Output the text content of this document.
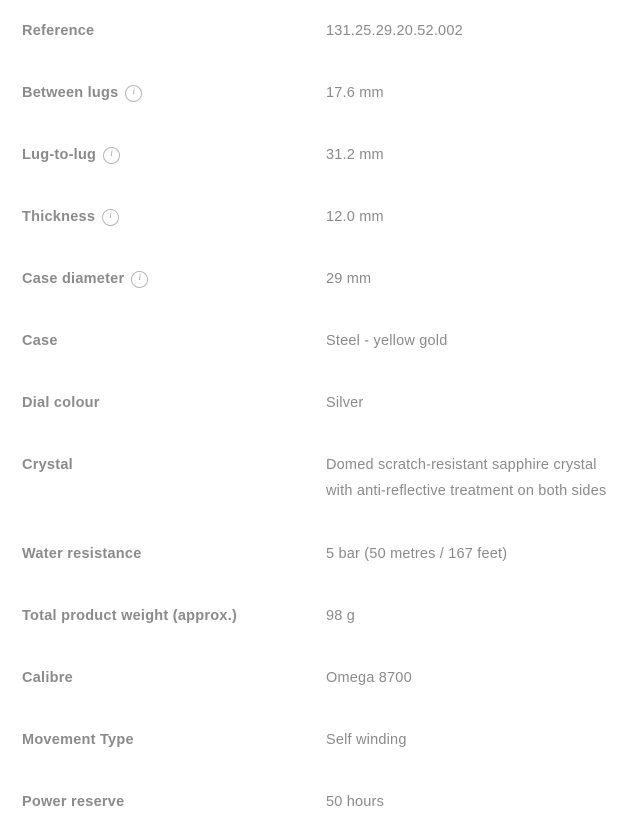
Reference	131.25.29.20.52.002
Between lugs i	17.6 mm
Lug-to-lug i	31.2 mm
Thickness i	12.0 mm
Case diameter i	29 mm
Case	Steel - yellow gold
Dial colour	Silver
Crystal	Domed scratch-resistant sapphire crystal with anti-reflective treatment on both sides
Water resistance	5 bar (50 metres / 167 feet)
Total product weight (approx.)	98 g
Calibre	Omega 8700
Movement Type	Self winding
Power reserve	50 hours
